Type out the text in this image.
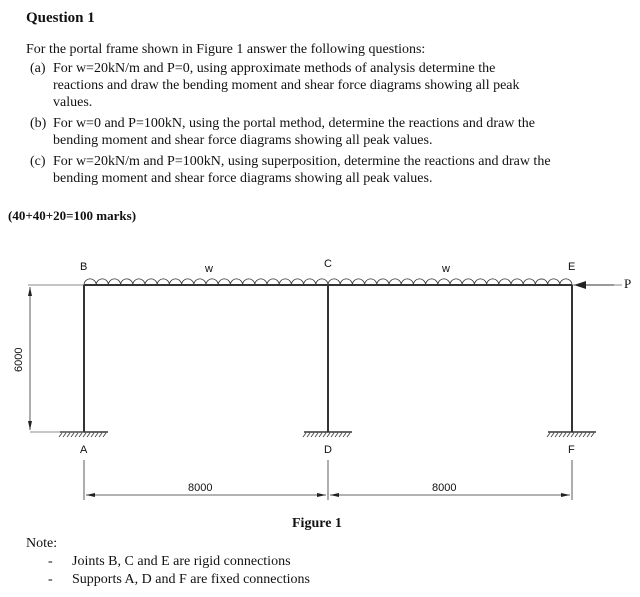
Question 1
For the portal frame shown in Figure 1 answer the following questions:
(a) For w=20kN/m and P=0, using approximate methods of analysis determine the
reactions and draw the bending moment and shear force diagrams showing all peak
values.
(b) For w=0 and P=100kN, using the portal method, determine the reactions and draw the
bending moment and shear force diagrams showing all peak values.
(c) For w=20kN/m and P=100kN, using superposition, determine the reactions and draw the
bending moment and shear force diagrams showing all peak values.
(40+40+20=100 marks)
B	C	E
A	D	F
w	w
P
6000
8000	8000
Figure 1
Note:
- Joints B, C and E are rigid connections
- Supports A, D and F are fixed connections
